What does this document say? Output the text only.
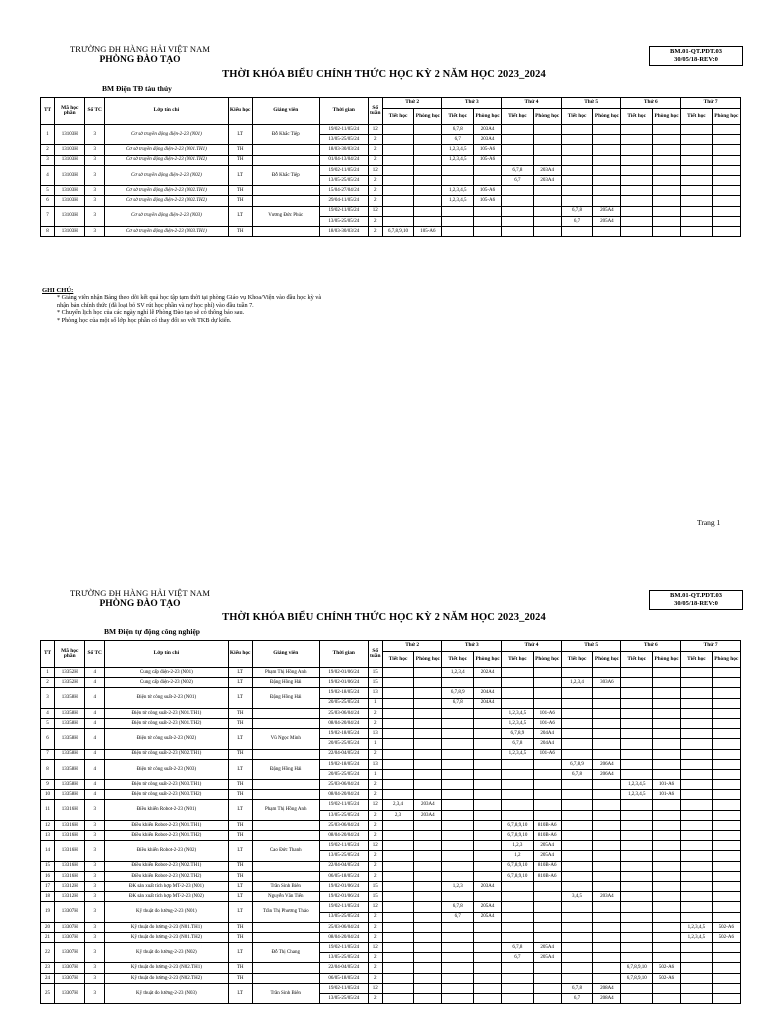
TRƯỜNG ĐH HÀNG HẢI VIỆT NAM
PHÒNG ĐÀO TẠO
BM.01-QT.PDT.03
30/05/18-REV:0
THỜI KHÓA BIỂU CHÍNH THỨC HỌC KỲ 2 NĂM HỌC 2023_2024
BM Điện TĐ tàu thủy
TT	Mã học phần	Số TC	Lớp tín chỉ	Kiểu học	Giảng viên	Thời gian	Số tuần	Thứ 2		Thứ 3		Thứ 4		Thứ 5		Thứ 6		Thứ 7	
								Tiết học	Phòng học	Tiết học	Phòng học	Tiết học	Phòng học	Tiết học	Phòng học	Tiết học	Phòng học	Tiết học	Phòng học
1	13103H	3	Cơ sở truyền động điện-2-23 (N01)	LT	Đỗ Khắc Tiệp	19/02-11/05/24	12			6,7,8	203A4								
						13/05-25/05/24	2			6,7	203A4								
2	13103H	3	Cơ sở truyền động điện-2-23 (N01.TH1)	TH		18/03-30/03/24	2			1,2,3,4,5	105-A6								
3	13103H	3	Cơ sở truyền động điện-2-23 (N01.TH2)	TH		01/04-13/04/24	2			1,2,3,4,5	105-A6								
4	13103H	3	Cơ sở truyền động điện-2-23 (N02)	LT	Đỗ Khắc Tiệp	19/02-11/05/24	12					6,7,8	203A4						
						13/05-25/05/24	2					6,7	203A4						
5	13103H	3	Cơ sở truyền động điện-2-23 (N02.TH1)	TH		15/04-27/04/24	2			1,2,3,4,5	105-A6								
6	13103H	3	Cơ sở truyền động điện-2-23 (N02.TH2)	TH		29/04-11/05/24	2			1,2,3,4,5	105-A6								
7	13103H	3	Cơ sở truyền động điện-2-23 (N03)	LT	Vương Đức Phúc	19/02-11/05/24	12							6,7,8	205A4				
						13/05-25/05/24	2							6,7	205A4				
8	13103H	3	Cơ sở truyền động điện-2-23 (N03.TH1)	TH		18/03-30/03/24	2	6,7,8,9,10	105-A6										
GHI CHÚ:
* Giảng viên nhận Bảng theo dõi kết quả học tập tạm thời tại phòng Giáo vụ Khoa/Viện vào đầu học kỳ và
nhận bản chính thức (đã loại bỏ SV rút học phần và nợ học phí) vào đầu tuần 7.
* Chuyển lịch học của các ngày nghỉ lễ Phòng Đào tạo sẽ có thông báo sau.
* Phòng học của một số lớp học phần có thay đổi so với TKB dự kiến.
Trang 1
TRƯỜNG ĐH HÀNG HẢI VIỆT NAM
PHÒNG ĐÀO TẠO
BM.01-QT.PDT.03
30/05/18-REV:0
THỜI KHÓA BIỂU CHÍNH THỨC HỌC KỲ 2 NĂM HỌC 2023_2024
BM Điện tự động công nghiệp
TT	Mã học phần	Số TC	Lớp tín chỉ	Kiểu học	Giảng viên	Thời gian	Số tuần	Thứ 2		Thứ 3		Thứ 4		Thứ 5		Thứ 6		Thứ 7	
								Tiết học	Phòng học	Tiết học	Phòng học	Tiết học	Phòng học	Tiết học	Phòng học	Tiết học	Phòng học	Tiết học	Phòng học
1	13352H	4	Cung cấp điện-2-23 (N01)	LT	Phạm Thị Hồng Anh	19/02-01/06/24	15			1,2,3,4	202A4								
2	13352H	4	Cung cấp điện-2-23 (N02)	LT	Đặng Hồng Hải	19/02-01/06/24	15							1,2,3,4	303A6				
3	13358H	4	Điện tử công suất-2-23 (N01)	LT	Đặng Hồng Hải	19/02-18/05/24	13			6,7,8,9	204A4								
						20/05-25/05/24	1			6,7,8	204A4								
4	13358H	4	Điện tử công suất-2-23 (N01.TH1)	TH		25/03-06/04/24	2					1,2,3,4,5	101-A6						
5	13358H	4	Điện tử công suất-2-23 (N01.TH2)	TH		08/04-20/04/24	2					1,2,3,4,5	101-A6						
6	13358H	4	Điện tử công suất-2-23 (N02)	LT	Vũ Ngọc Minh	19/02-18/05/24	13					6,7,8,9	204A4						
						20/05-25/05/24	1					6,7,8	204A4						
7	13358H	4	Điện tử công suất-2-23 (N02.TH1)	TH		22/04-04/05/24	2					1,2,3,4,5	101-A6						
8	13358H	4	Điện tử công suất-2-23 (N03)	LT	Đặng Hồng Hải	19/02-18/05/24	13							6,7,8,9	206A4				
						20/05-25/05/24	1							6,7,8	206A4				
9	13358H	4	Điện tử công suất-2-23 (N03.TH1)	TH		25/03-06/04/24	2									1,2,3,4,5	101-A6		
10	13358H	4	Điện tử công suất-2-23 (N03.TH2)	TH		08/04-20/04/24	2									1,2,3,4,5	101-A6		
11	13316H	3	Điều khiển Robot-2-23 (N01)	LT	Phạm Thị Hồng Anh	19/02-11/05/24	12	2,3,4	203A4										
						13/05-25/05/24	2	2,3	203A4										
12	13316H	3	Điều khiển Robot-2-23 (N01.TH1)	TH		25/03-06/04/24	2					6,7,8,9,10	810B-A6						
13	13316H	3	Điều khiển Robot-2-23 (N01.TH2)	TH		08/04-20/04/24	2					6,7,8,9,10	810B-A6						
14	13316H	3	Điều khiển Robot-2-23 (N02)	LT	Cao Đức Thanh	19/02-11/05/24	12					1,2,3	205A4						
						13/05-25/05/24	2					1,2	205A4						
15	13316H	3	Điều khiển Robot-2-23 (N02.TH1)	TH		22/04-04/05/24	2					6,7,8,9,10	810B-A6						
16	13316H	3	Điều khiển Robot-2-23 (N02.TH2)	TH		06/05-18/05/24	2					6,7,8,9,10	810B-A6						
17	13312H	3	ĐK sản xuất tích hợp MT-2-23 (N01)	LT	Trần Sinh Biên	19/02-01/06/24	15			1,2,3	203A4								
18	13312H	3	ĐK sản xuất tích hợp MT-2-23 (N02)	LT	Nguyễn Văn Tiến	19/02-01/06/24	15							3,4,5	203A4				
19	13307H	3	Kỹ thuật đo lường-2-23 (N01)	LT	Trần Thị Phương Thảo	19/02-11/05/24	12			6,7,8	205A4								
						13/05-25/05/24	2			6,7	205A4								
20	13307H	3	Kỹ thuật đo lường-2-23 (N01.TH1)	TH		25/03-06/04/24	2											1,2,3,4,5	502-A6
21	13307H	3	Kỹ thuật đo lường-2-23 (N01.TH2)	TH		08/04-20/04/24	2											1,2,3,4,5	502-A6
22	13307H	3	Kỹ thuật đo lường-2-23 (N02)	LT	Đỗ Thị Chang	19/02-11/05/24	12					6,7,8	205A4						
						13/05-25/05/24	2					6,7	205A4						
23	13307H	3	Kỹ thuật đo lường-2-23 (N02.TH1)	TH		22/04-04/05/24	2									6,7,8,9,10	502-A6		
24	13307H	3	Kỹ thuật đo lường-2-23 (N02.TH2)	TH		06/05-18/05/24	2									6,7,8,9,10	502-A6		
25	13307H	3	Kỹ thuật đo lường-2-23 (N03)	LT	Trần Sinh Biên	19/02-11/05/24	12							6,7,8	208A4				
						13/05-25/05/24	2							6,7	208A4				
